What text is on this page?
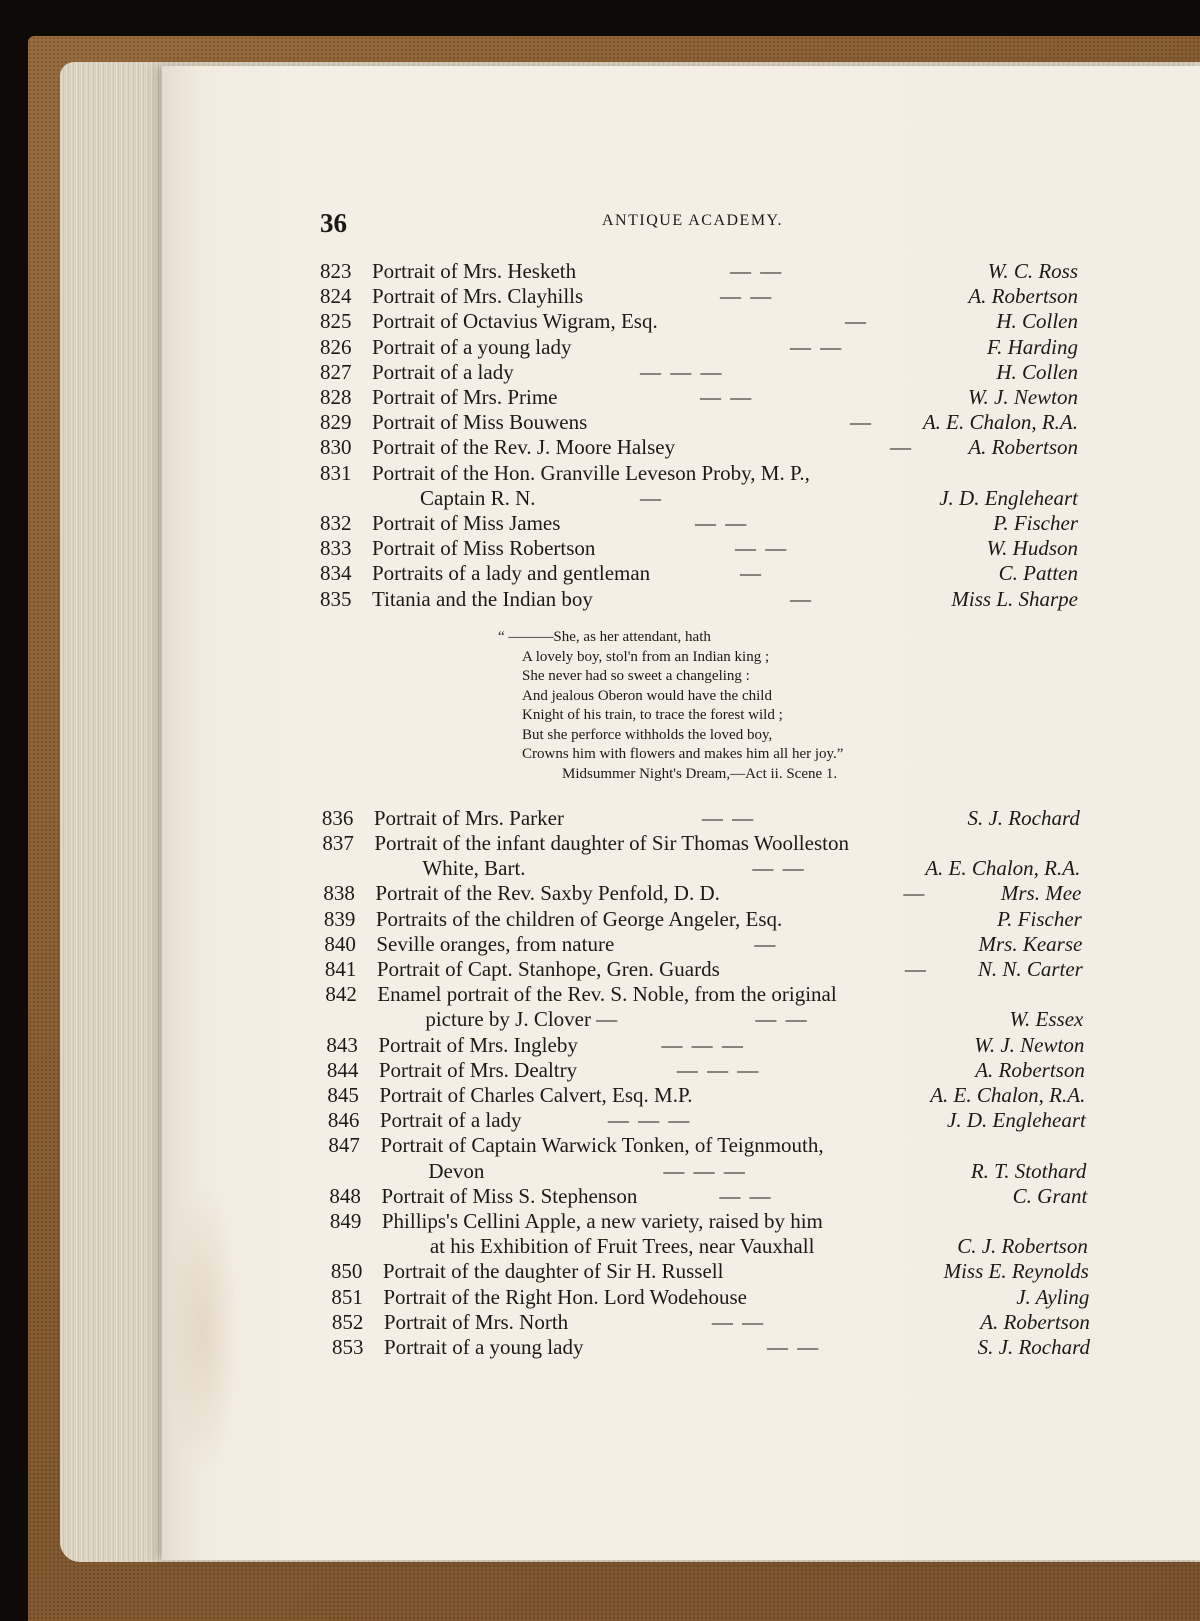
36	ANTIQUE ACADEMY.
823 Portrait of Mrs. Hesketh	— —	W. C. Ross
824 Portrait of Mrs. Clayhills	— —	A. Robertson
825 Portrait of Octavius Wigram, Esq.	—	H. Collen
826 Portrait of a young lady	— —	F. Harding
827 Portrait of a lady	— — —	H. Collen
828 Portrait of Mrs. Prime	— —	W. J. Newton
829 Portrait of Miss Bouwens	— A. E. Chalon, R.A.
830 Portrait of the Rev. J. Moore Halsey	—	A. Robertson
831 Portrait of the Hon. Granville Leveson Proby, M. P.,
Captain R. N.	—	J. D. Engleheart
832 Portrait of Miss James	— —	P. Fischer
833 Portrait of Miss Robertson	— —	W. Hudson
834 Portraits of a lady and gentleman	—	C. Patten
835 Titania and the Indian boy	—	Miss L. Sharpe
836 Portrait of Mrs. Parker	— —	S. J. Rochard
837 Portrait of the infant daughter of Sir Thomas Woolleston
White, Bart.	— —	A. E. Chalon, R.A.
838 Portrait of the Rev. Saxby Penfold, D. D.	—	Mrs. Mee
839 Portraits of the children of George Angeler, Esq.	P. Fischer
840 Seville oranges, from nature	—	Mrs. Kearse
841 Portrait of Capt. Stanhope, Gren. Guards	— N. N. Carter
842 Enamel portrait of the Rev. S. Noble, from the original
picture by J. Clover —	— —	W. Essex
843 Portrait of Mrs. Ingleby	— — —	W. J. Newton
844 Portrait of Mrs. Dealtry	— — —	A. Robertson
845 Portrait of Charles Calvert, Esq. M.P.	A. E. Chalon, R.A.
846 Portrait of a lady	— — —	J. D. Engleheart
847 Portrait of Captain Warwick Tonken, of Teignmouth,
Devon	— — —	R. T. Stothard
848 Portrait of Miss S. Stephenson	— —	C. Grant
849 Phillips's Cellini Apple, a new variety, raised by him
at his Exhibition of Fruit Trees, near Vauxhall	C. J. Robertson
850 Portrait of the daughter of Sir H. Russell	Miss E. Reynolds
851 Portrait of the Right Hon. Lord Wodehouse	J. Ayling
852 Portrait of Mrs. North	— —	A. Robertson
853 Portrait of a young lady	— —	S. J. Rochard
“ ———She, as her attendant, hath
A lovely boy, stol'n from an Indian king ;
She never had so sweet a changeling :
And jealous Oberon would have the child
Knight of his train, to trace the forest wild ;
But she perforce withholds the loved boy,
Crowns him with flowers and makes him all her joy.”
Midsummer Night's Dream,—Act ii. Scene 1.
